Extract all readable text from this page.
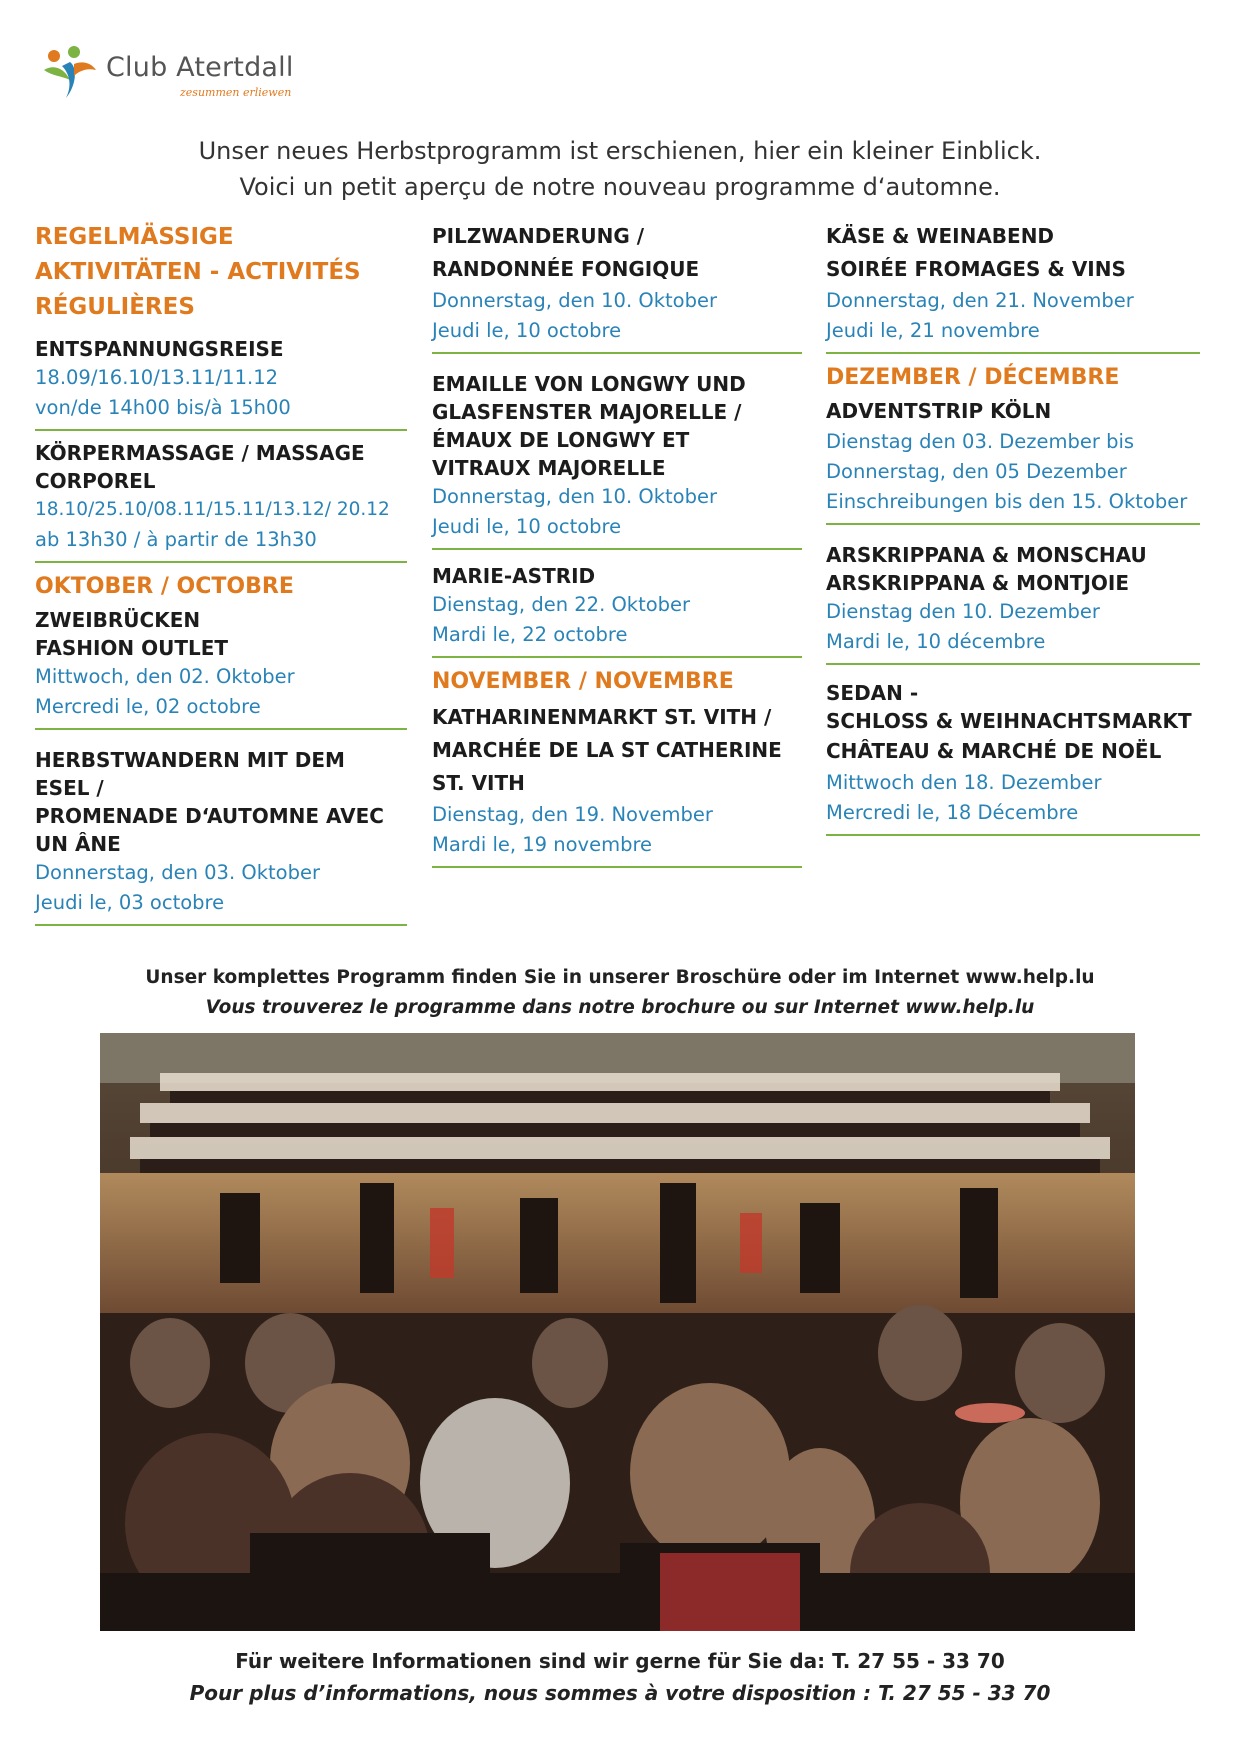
Club Atertdall
zesummen erliewen
Unser neues Herbstprogramm ist erschienen, hier ein kleiner Einblick.
Voici un petit aperçu de notre nouveau programme d‘automne.
REGELMÄSSIGE
AKTIVITÄTEN - ACTIVITÉS
RÉGULIÈRES
ENTSPANNUNGSREISE
18.09/16.10/13.11/11.12
von/de 14h00 bis/à 15h00
KÖRPERMASSAGE / MASSAGE
CORPOREL
18.10/25.10/08.11/15.11/13.12/ 20.12
ab 13h30 / à partir de 13h30
OKTOBER / OCTOBRE
ZWEIBRÜCKEN
FASHION OUTLET
Mittwoch, den 02. Oktober
Mercredi le, 02 octobre
HERBSTWANDERN MIT DEM
ESEL /
PROMENADE D‘AUTOMNE AVEC
UN ÂNE
Donnerstag, den 03. Oktober
Jeudi le, 03 octobre
PILZWANDERUNG /
RANDONNÉE FONGIQUE
Donnerstag, den 10. Oktober
Jeudi le, 10 octobre
EMAILLE VON LONGWY UND
GLASFENSTER MAJORELLE /
ÉMAUX DE LONGWY ET
VITRAUX MAJORELLE
Donnerstag, den 10. Oktober
Jeudi le, 10 octobre
MARIE-ASTRID
Dienstag, den 22. Oktober
Mardi le, 22 octobre
NOVEMBER / NOVEMBRE
KATHARINENMARKT ST. VITH /
MARCHÉE DE LA ST CATHERINE
ST. VITH
Dienstag, den 19. November
Mardi le, 19 novembre
KÄSE & WEINABEND
SOIRÉE FROMAGES & VINS
Donnerstag, den 21. November
Jeudi le, 21 novembre
DEZEMBER / DÉCEMBRE
ADVENTSTRIP KÖLN
Dienstag den 03. Dezember bis
Donnerstag, den 05 Dezember
Einschreibungen bis den 15. Oktober
ARSKRIPPANA & MONSCHAU
ARSKRIPPANA & MONTJOIE
Dienstag den 10. Dezember
Mardi le, 10 décembre
SEDAN -
SCHLOSS & WEIHNACHTSMARKT
CHÂTEAU & MARCHÉ DE NOËL
Mittwoch den 18. Dezember
Mercredi le, 18 Décembre
Unser komplettes Programm finden Sie in unserer Broschüre oder im Internet www.help.lu
Vous trouverez le programme dans notre brochure ou sur Internet www.help.lu
Für weitere Informationen sind wir gerne für Sie da: T. 27 55 - 33 70
Pour plus d’informations, nous sommes à votre disposition : T. 27 55 - 33 70
